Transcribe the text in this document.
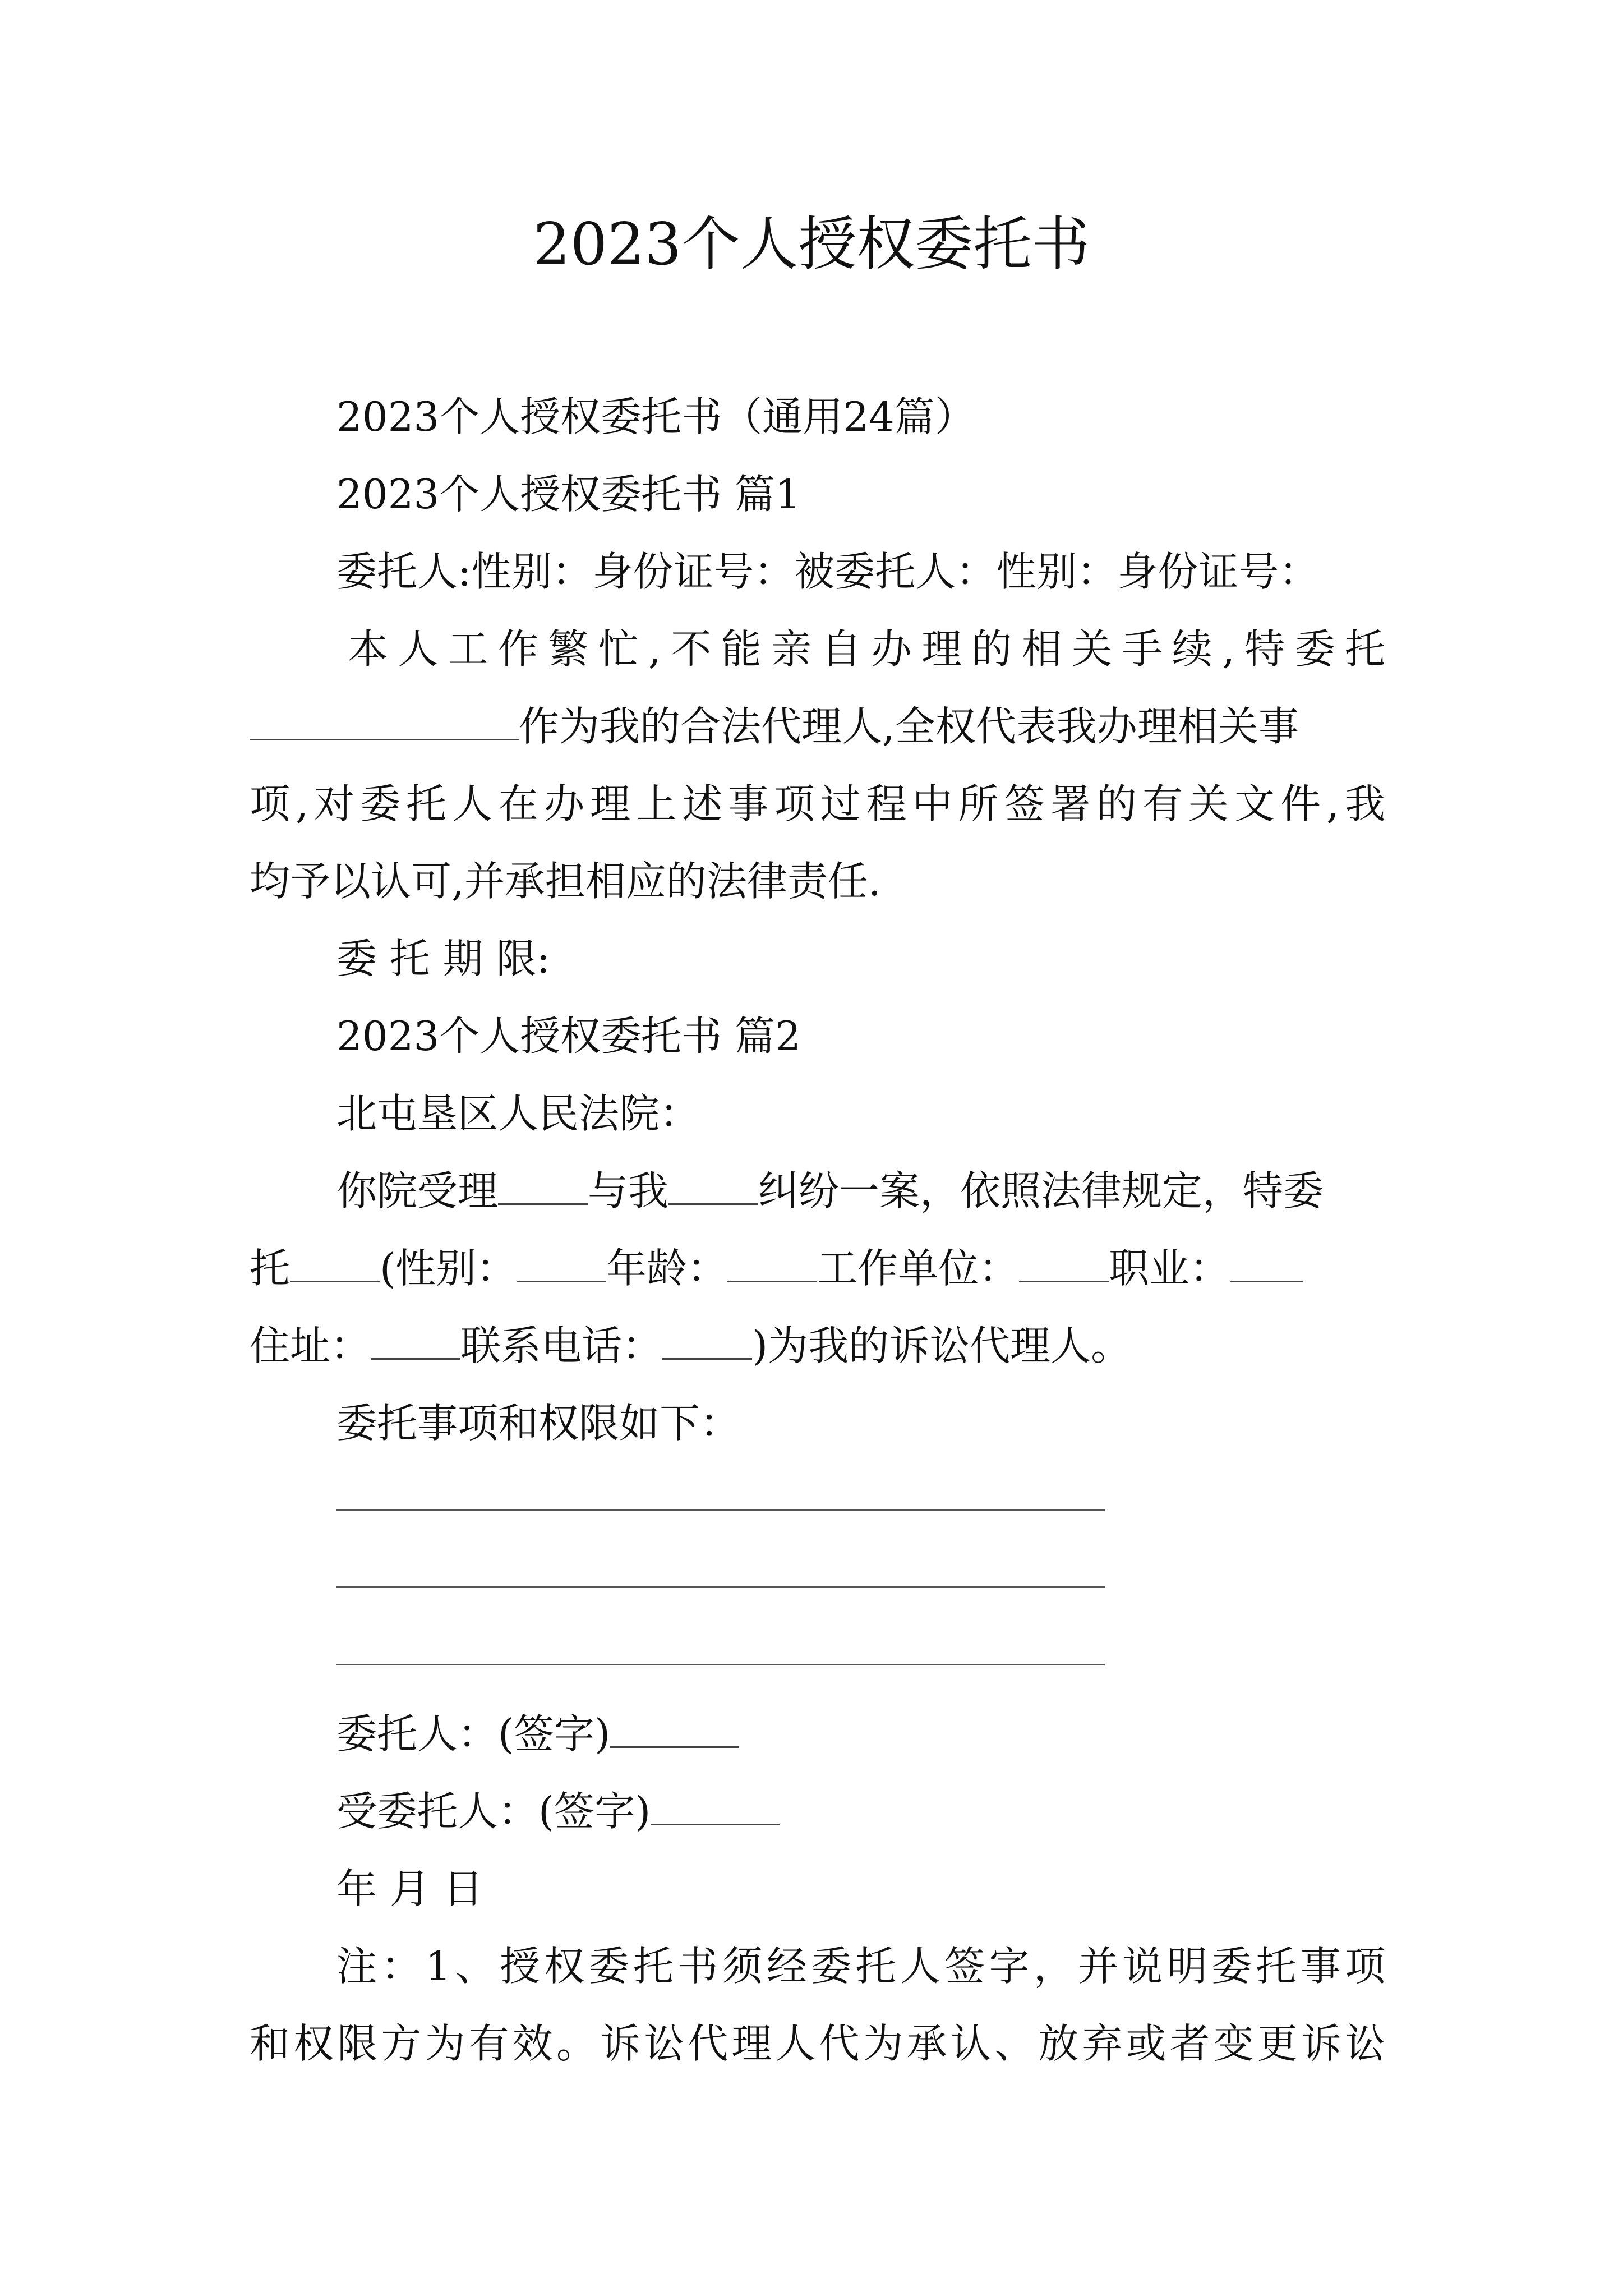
2023个人授权委托书
2023个人授权委托书（通用24篇）
2023个人授权委托书 篇1
委托人:性别：身份证号：被委托人：性别：身份证号：
本人工作繁忙,不能亲自办理的相关手续,特委托
作为我的合法代理人,全权代表我办理相关事
项,对委托人在办理上述事项过程中所签署的有关文件,我
均予以认可,并承担相应的法律责任.
委 托 期 限:
2023个人授权委托书 篇2
北屯垦区人民法院：
你院受理 与我 纠纷一案，依照法律规定，特委
托 (性别： 年龄： 工作单位： 职业：
住址： 联系电话： )为我的诉讼代理人。
委托事项和权限如下：
委托人：(签字)
受委托人：(签字)
年 月 日
注：1、授权委托书须经委托人签字，并说明委托事项
和权限方为有效。诉讼代理人代为承认、放弃或者变更诉讼
